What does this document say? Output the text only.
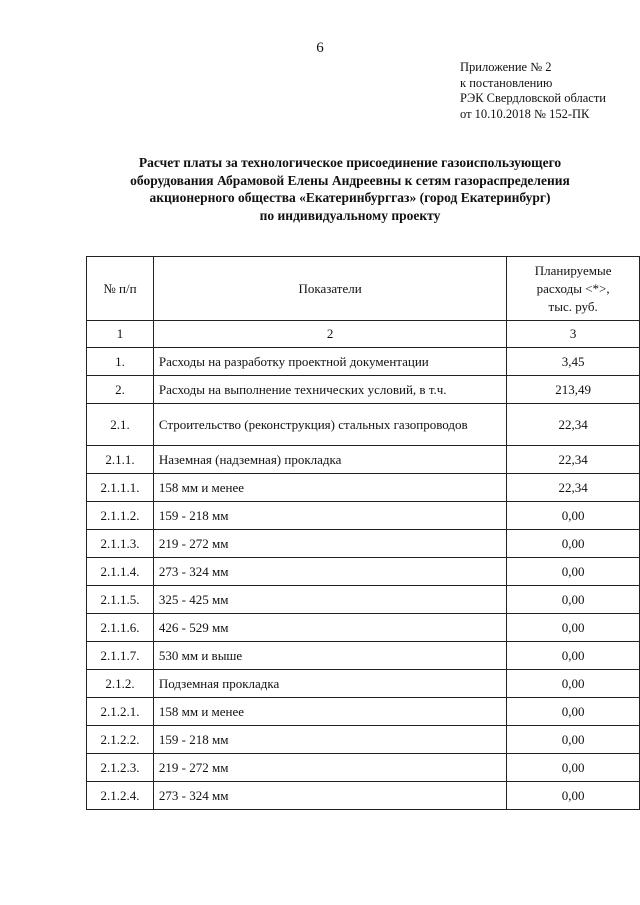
6
Приложение № 2
к постановлению
РЭК Свердловской области
от 10.10.2018 № 152-ПК
Расчет платы за технологическое присоединение газоиспользующего
оборудования Абрамовой Елены Андреевны к сетям газораспределения
акционерного общества «Екатеринбурггаз» (город Екатеринбург)
по индивидуальному проекту
№ п/п	Показатели	Планируемые
расходы <*>,
тыс. руб.

1	2	3
1.	Расходы на разработку проектной документации	3,45
2.	Расходы на выполнение технических условий, в т.ч.	213,49
2.1.	Строительство (реконструкция) стальных газопроводов	22,34
2.1.1.	Наземная (надземная) прокладка	22,34
2.1.1.1.	158 мм и менее	22,34
2.1.1.2.	159 - 218 мм	0,00
2.1.1.3.	219 - 272 мм	0,00
2.1.1.4.	273 - 324 мм	0,00
2.1.1.5.	325 - 425 мм	0,00
2.1.1.6.	426 - 529 мм	0,00
2.1.1.7.	530 мм и выше	0,00
2.1.2.	Подземная прокладка	0,00
2.1.2.1.	158 мм и менее	0,00
2.1.2.2.	159 - 218 мм	0,00
2.1.2.3.	219 - 272 мм	0,00
2.1.2.4.	273 - 324 мм	0,00
